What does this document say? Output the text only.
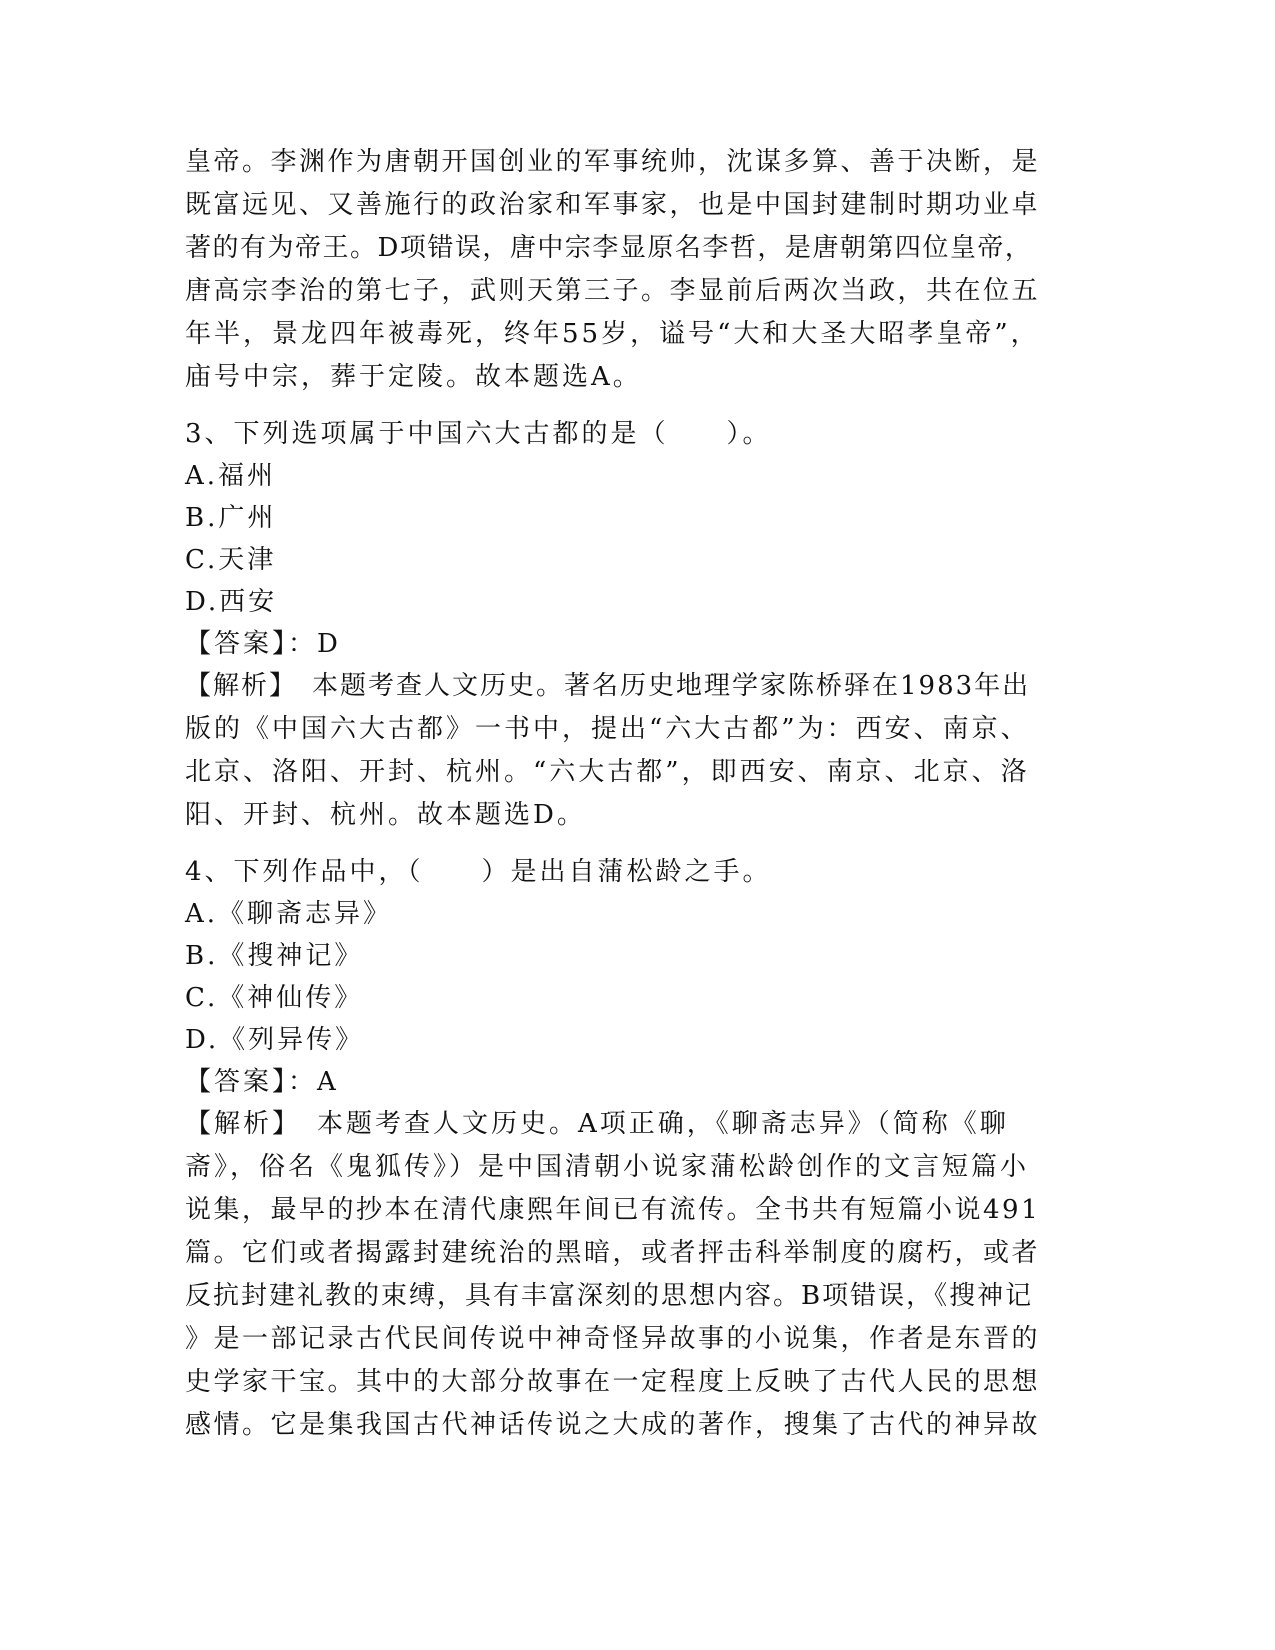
皇帝。李渊作为唐朝开国创业的军事统帅，沈谋多算、善于决断，是
既富远见、又善施行的政治家和军事家，也是中国封建制时期功业卓
著的有为帝王。D项错误，唐中宗李显原名李哲，是唐朝第四位皇帝，
唐高宗李治的第七子，武则天第三子。李显前后两次当政，共在位五
年半，景龙四年被毒死，终年55岁，谥号“大和大圣大昭孝皇帝”，
庙号中宗，葬于定陵。故本题选A。
3、下列选项属于中国六大古都的是（　　）。
A.福州
B.广州
C.天津
D.西安
【答案】：D
【解析】　本题考查人文历史。著名历史地理学家陈桥驿在1983年出
版的《中国六大古都》一书中，提出“六大古都”为：西安、南京、
北京、洛阳、开封、杭州。“六大古都”，即西安、南京、北京、洛
阳、开封、杭州。故本题选D。
4、下列作品中，（　　）是出自蒲松龄之手。
A.《聊斋志异》
B.《搜神记》
C.《神仙传》
D.《列异传》
【答案】：A
【解析】　本题考查人文历史。A项正确，《聊斋志异》（简称《聊
斋》，俗名《鬼狐传》）是中国清朝小说家蒲松龄创作的文言短篇小
说集，最早的抄本在清代康熙年间已有流传。全书共有短篇小说491
篇。它们或者揭露封建统治的黑暗，或者抨击科举制度的腐朽，或者
反抗封建礼教的束缚，具有丰富深刻的思想内容。B项错误，《搜神记
》是一部记录古代民间传说中神奇怪异故事的小说集，作者是东晋的
史学家干宝。其中的大部分故事在一定程度上反映了古代人民的思想
感情。它是集我国古代神话传说之大成的著作，搜集了古代的神异故
